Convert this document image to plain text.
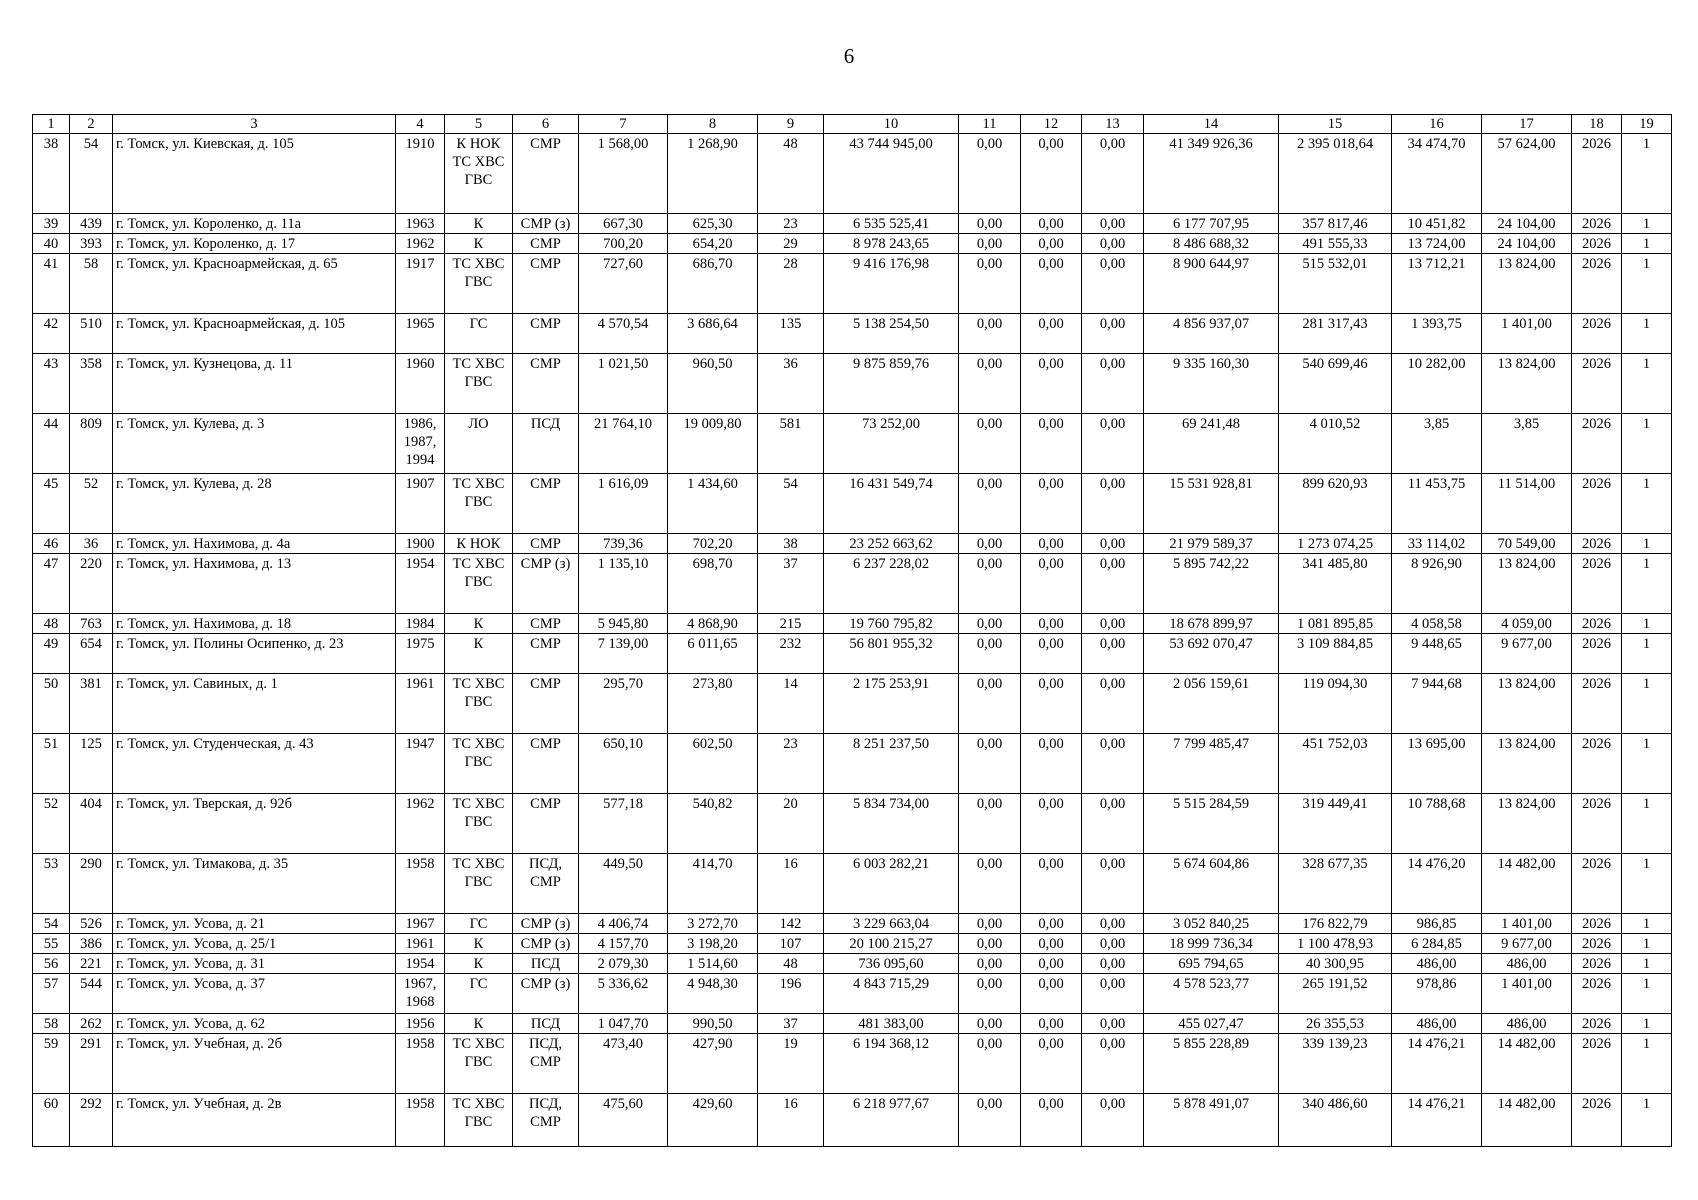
6
1	2	3	4	5	6	7	8	9	10	11	12	13	14	15	16	17	18	19
38	54	г. Томск, ул. Киевская, д. 105	1910	К НОК
ТС ХВС
ГВС	СМР	1 568,00	1 268,90	48	43 744 945,00	0,00	0,00	0,00	41 349 926,36	2 395 018,64	34 474,70	57 624,00	2026	1
39	439	г. Томск, ул. Короленко, д. 11а	1963	К	СМР (з)	667,30	625,30	23	6 535 525,41	0,00	0,00	0,00	6 177 707,95	357 817,46	10 451,82	24 104,00	2026	1
40	393	г. Томск, ул. Короленко, д. 17	1962	К	СМР	700,20	654,20	29	8 978 243,65	0,00	0,00	0,00	8 486 688,32	491 555,33	13 724,00	24 104,00	2026	1
41	58	г. Томск, ул. Красноармейская, д. 65	1917	ТС ХВС
ГВС	СМР	727,60	686,70	28	9 416 176,98	0,00	0,00	0,00	8 900 644,97	515 532,01	13 712,21	13 824,00	2026	1
42	510	г. Томск, ул. Красноармейская, д. 105	1965	ГС	СМР	4 570,54	3 686,64	135	5 138 254,50	0,00	0,00	0,00	4 856 937,07	281 317,43	1 393,75	1 401,00	2026	1
43	358	г. Томск, ул. Кузнецова, д. 11	1960	ТС ХВС
ГВС	СМР	1 021,50	960,50	36	9 875 859,76	0,00	0,00	0,00	9 335 160,30	540 699,46	10 282,00	13 824,00	2026	1
44	809	г. Томск, ул. Кулева, д. 3	1986,
1987,
1994	ЛО	ПСД	21 764,10	19 009,80	581	73 252,00	0,00	0,00	0,00	69 241,48	4 010,52	3,85	3,85	2026	1
45	52	г. Томск, ул. Кулева, д. 28	1907	ТС ХВС
ГВС	СМР	1 616,09	1 434,60	54	16 431 549,74	0,00	0,00	0,00	15 531 928,81	899 620,93	11 453,75	11 514,00	2026	1
46	36	г. Томск, ул. Нахимова, д. 4а	1900	К НОК	СМР	739,36	702,20	38	23 252 663,62	0,00	0,00	0,00	21 979 589,37	1 273 074,25	33 114,02	70 549,00	2026	1
47	220	г. Томск, ул. Нахимова, д. 13	1954	ТС ХВС
ГВС	СМР (з)	1 135,10	698,70	37	6 237 228,02	0,00	0,00	0,00	5 895 742,22	341 485,80	8 926,90	13 824,00	2026	1
48	763	г. Томск, ул. Нахимова, д. 18	1984	К	СМР	5 945,80	4 868,90	215	19 760 795,82	0,00	0,00	0,00	18 678 899,97	1 081 895,85	4 058,58	4 059,00	2026	1
49	654	г. Томск, ул. Полины Осипенко, д. 23	1975	К	СМР	7 139,00	6 011,65	232	56 801 955,32	0,00	0,00	0,00	53 692 070,47	3 109 884,85	9 448,65	9 677,00	2026	1
50	381	г. Томск, ул. Савиных, д. 1	1961	ТС ХВС
ГВС	СМР	295,70	273,80	14	2 175 253,91	0,00	0,00	0,00	2 056 159,61	119 094,30	7 944,68	13 824,00	2026	1
51	125	г. Томск, ул. Студенческая, д. 43	1947	ТС ХВС
ГВС	СМР	650,10	602,50	23	8 251 237,50	0,00	0,00	0,00	7 799 485,47	451 752,03	13 695,00	13 824,00	2026	1
52	404	г. Томск, ул. Тверская, д. 92б	1962	ТС ХВС
ГВС	СМР	577,18	540,82	20	5 834 734,00	0,00	0,00	0,00	5 515 284,59	319 449,41	10 788,68	13 824,00	2026	1
53	290	г. Томск, ул. Тимакова, д. 35	1958	ТС ХВС
ГВС	ПСД,
СМР	449,50	414,70	16	6 003 282,21	0,00	0,00	0,00	5 674 604,86	328 677,35	14 476,20	14 482,00	2026	1
54	526	г. Томск, ул. Усова, д. 21	1967	ГС	СМР (з)	4 406,74	3 272,70	142	3 229 663,04	0,00	0,00	0,00	3 052 840,25	176 822,79	986,85	1 401,00	2026	1
55	386	г. Томск, ул. Усова, д. 25/1	1961	К	СМР (з)	4 157,70	3 198,20	107	20 100 215,27	0,00	0,00	0,00	18 999 736,34	1 100 478,93	6 284,85	9 677,00	2026	1
56	221	г. Томск, ул. Усова, д. 31	1954	К	ПСД	2 079,30	1 514,60	48	736 095,60	0,00	0,00	0,00	695 794,65	40 300,95	486,00	486,00	2026	1
57	544	г. Томск, ул. Усова, д. 37	1967,
1968	ГС	СМР (з)	5 336,62	4 948,30	196	4 843 715,29	0,00	0,00	0,00	4 578 523,77	265 191,52	978,86	1 401,00	2026	1
58	262	г. Томск, ул. Усова, д. 62	1956	К	ПСД	1 047,70	990,50	37	481 383,00	0,00	0,00	0,00	455 027,47	26 355,53	486,00	486,00	2026	1
59	291	г. Томск, ул. Учебная, д. 2б	1958	ТС ХВС
ГВС	ПСД,
СМР	473,40	427,90	19	6 194 368,12	0,00	0,00	0,00	5 855 228,89	339 139,23	14 476,21	14 482,00	2026	1
60	292	г. Томск, ул. Учебная, д. 2в	1958	ТС ХВС
ГВС	ПСД,
СМР	475,60	429,60	16	6 218 977,67	0,00	0,00	0,00	5 878 491,07	340 486,60	14 476,21	14 482,00	2026	1
